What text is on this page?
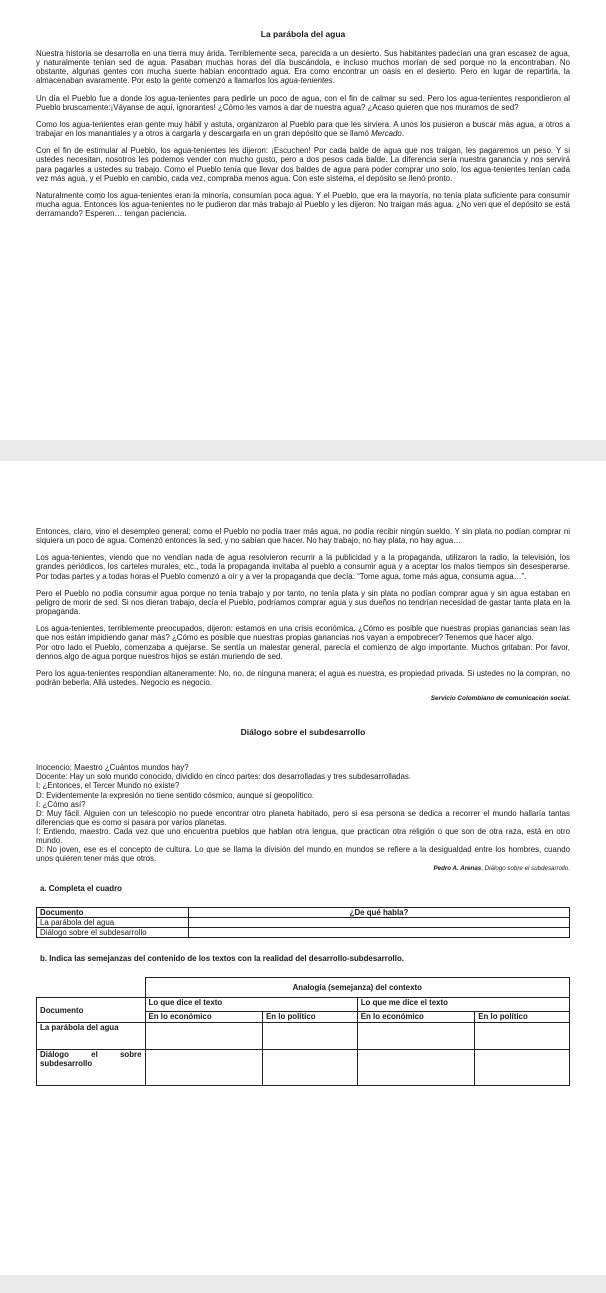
La parábola del agua

Nuestra historia se desarrolla en una tierra muy árida. Terriblemente seca, parecida a un desierto. Sus habitantes padecían una gran escasez de agua, y naturalmente tenían sed de agua. Pasaban muchas horas del día buscándola, e incluso muchos morían de sed porque no la encontraban. No obstante, algunas gentes con mucha suerte habían encontrado agua. Era como encontrar un oasis en el desierto. Pero en lugar de repartirla, la almacenaban avaramente. Por esto la gente comenzó a llamarlos los agua-tenientes.

Un día el Pueblo fue a donde los agua-tenientes para pedirle un poco de agua, con el fin de calmar su sed. Pero los agua-tenientes respondieron al Pueblo bruscamente:¡Váyanse de aquí, ignorantes! ¿Cómo les vamos a dar de nuestra agua? ¿Acaso quieren que nos muramos de sed?

Como los agua-tenientes eran gente muy hábil y astuta, organizaron al Pueblo para que les sirviera. A unos los pusieron a buscar más agua, a otros a trabajar en los manantiales y a otros a cargarla y descargarla en un gran depósito que se llamó Mercado.

Con el fin de estimular al Pueblo, los agua-tenientes les dijeron: ¡Escuchen! Por cada balde de agua que nos traigan, les pagaremos un peso. Y si ustedes necesitan, nosotros les podemos vender con mucho gusto, pero a dos pesos cada balde. La diferencia sería nuestra ganancia y nos servirá para pagarles a ustedes su trabajo. Como el Pueblo tenía que llevar dos baldes de agua para poder comprar uno solo, los agua-tenientes tenían cada vez más agua, y el Pueblo en cambio, cada vez, compraba menos agua. Con este sistema, el depósito se llenó pronto.

Naturalmente como los agua-tenientes eran la minoría, consumían poca agua. Y el Pueblo, que era la mayoría, no tenía plata suficiente para consumir mucha agua. Entonces los agua-tenientes no le pudieron dar más trabajo al Pueblo y les dijeron: No traigan más agua. ¿No ven que el depósito se está derramando? Esperen… tengan paciencia.

Entonces, claro, vino el desempleo general: como el Pueblo no podía traer más agua, no podía recibir ningún sueldo. Y sin plata no podían comprar ni siquiera un poco de agua. Comenzó entonces la sed, y no sabían que hacer. No hay trabajo, no hay plata, no hay agua…

Los agua-tenientes, viendo que no vendían nada de agua resolvieron recurrir a la publicidad y a la propaganda, utilizaron la radio, la televisión, los grandes periódicos, los carteles murales, etc., toda la propaganda invitaba al pueblo a consumir agua y a aceptar los malos tiempos sin desesperarse. Por todas partes y a todas horas el Pueblo comenzó a oír y a ver la propaganda que decía: “Tome agua, tome más agua, consuma agua…”.

Pero el Pueblo no podía consumir agua porque no tenía trabajo y por tanto, no tenía plata y sin plata no podían comprar agua y sin agua estaban en peligro de morir de sed. Si nos dieran trabajo, decía el Pueblo, podríamos comprar agua y sus dueños no tendrían necesidad de gastar tanta plata en la propaganda.

Los agua-tenientes, terriblemente preocupados, dijeron: estamos en una crisis económica. ¿Cómo es posible que nuestras propias ganancias sean las que nos están impidiendo ganar más? ¿Cómo es posible que nuestras propias ganancias nos vayan a empobrecer? Tenemos que hacer algo.
Por otro lado el Pueblo, comenzaba a quejarse. Se sentía un malestar general, parecía el comienzo de algo importante. Muchos gritaban: Por favor, dennos algo de agua porque nuestros hijos se están muriendo de sed.

Pero los agua-tenientes respondían altaneramente: No, no, de ninguna manera; el agua es nuestra, es propiedad privada. Si ustedes no la compran, no podrán beberla. Allá ustedes. Negocio es negocio.

Servicio Colombiano de comunicación social.

Diálogo sobre el subdesarrollo
Inocencio: Maestro ¿Cuántos mundos hay?
Docente: Hay un solo mundo conocido, dividido en cinco partes: dos desarrolladas y tres subdesarrolladas.
I: ¿Entonces, el Tercer Mundo no existe?
D: Evidentemente la expresión no tiene sentido cósmico, aunque sí geopolítico.
I: ¿Cómo así?
D: Muy fácil. Alguien con un telescopio no puede encontrar otro planeta habitado, pero si esa persona se dedica a recorrer el mundo hallaría tantas diferencias que es como si pasara por varios planetas.
I: Entiendo, maestro. Cada vez que uno encuentra pueblos que hablan otra lengua, que practican otra religión o que son de otra raza, está en otro mundo.
D: No joven, ese es el concepto de cultura. Lo que se llama la división del mundo en mundos se refiere a la desigualdad entre los hombres, cuando unos quieren tener más que otros.

Pedro A. Arenas, Diálogo sobre el subdesarrollo.

a. Completa el cuadro

Documento	¿De qué habla?
La parábola del agua	
Diálogo sobre el subdesarrollo	

b. Indica las semejanzas del contenido de los textos con la realidad del desarrollo-subdesarrollo.

	Analogía (semejanza) del contexto			
Documento	Lo que dice el texto		Lo que me dice el texto	
	En lo económico	En lo político	En lo económico	En lo político
La parábola del agua				
Diálogo el sobre subdesarrollo				
